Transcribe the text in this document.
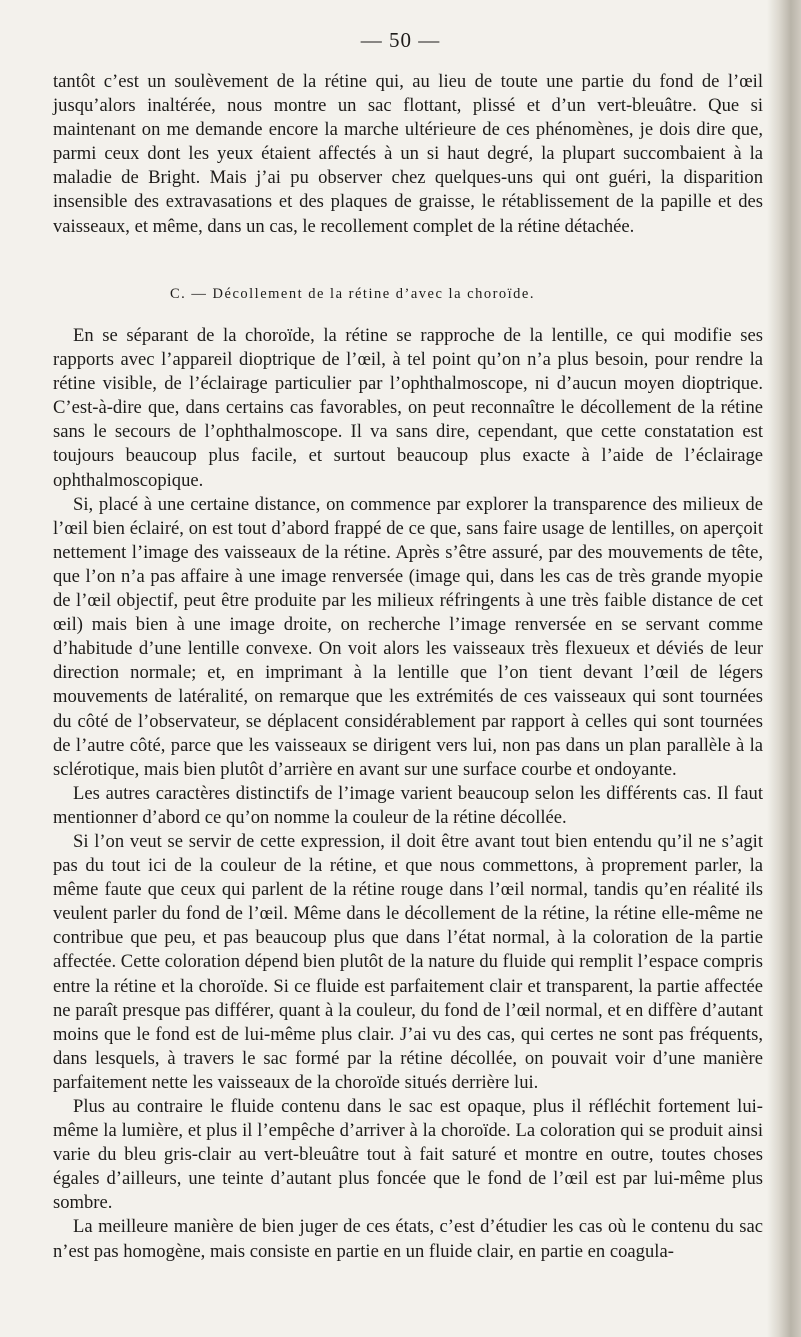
— 50 —

tantôt c’est un soulèvement de la rétine qui, au lieu de toute une partie du fond de l’œil jusqu’alors inaltérée, nous montre un sac flottant, plissé et d’un vert-bleuâtre. Que si maintenant on me demande encore la marche ultérieure de ces phénomènes, je dois dire que, parmi ceux dont les yeux étaient affectés à un si haut degré, la plupart succombaient à la maladie de Bright. Mais j’ai pu observer chez quelques-uns qui ont guéri, la disparition insensible des extravasations et des plaques de graisse, le rétablissement de la papille et des vaisseaux, et même, dans un cas, le recollement complet de la rétine détachée.

C. — Décollement de la rétine d’avec la choroïde.

En se séparant de la choroïde, la rétine se rapproche de la lentille, ce qui modifie ses rapports avec l’appareil dioptrique de l’œil, à tel point qu’on n’a plus besoin, pour rendre la rétine visible, de l’éclairage particulier par l’ophthalmoscope, ni d’aucun moyen dioptrique. C’est-à-dire que, dans certains cas favorables, on peut reconnaître le décollement de la rétine sans le secours de l’ophthalmoscope. Il va sans dire, cependant, que cette constatation est toujours beaucoup plus facile, et surtout beaucoup plus exacte à l’aide de l’éclairage ophthalmoscopique.

Si, placé à une certaine distance, on commence par explorer la transparence des milieux de l’œil bien éclairé, on est tout d’abord frappé de ce que, sans faire usage de lentilles, on aperçoit nettement l’image des vaisseaux de la rétine. Après s’être assuré, par des mouvements de tête, que l’on n’a pas affaire à une image renversée (image qui, dans les cas de très grande myopie de l’œil objectif, peut être produite par les milieux réfringents à une très faible distance de cet œil) mais bien à une image droite, on recherche l’image renversée en se servant comme d’habitude d’une lentille convexe. On voit alors les vaisseaux très flexueux et déviés de leur direction normale; et, en imprimant à la lentille que l’on tient devant l’œil de légers mouvements de latéralité, on remarque que les extrémités de ces vaisseaux qui sont tournées du côté de l’observateur, se déplacent considérablement par rapport à celles qui sont tournées de l’autre côté, parce que les vaisseaux se dirigent vers lui, non pas dans un plan parallèle à la sclérotique, mais bien plutôt d’arrière en avant sur une surface courbe et ondoyante.

Les autres caractères distinctifs de l’image varient beaucoup selon les différents cas. Il faut mentionner d’abord ce qu’on nomme la couleur de la rétine décollée.

Si l’on veut se servir de cette expression, il doit être avant tout bien entendu qu’il ne s’agit pas du tout ici de la couleur de la rétine, et que nous commettons, à proprement parler, la même faute que ceux qui parlent de la rétine rouge dans l’œil normal, tandis qu’en réalité ils veulent parler du fond de l’œil. Même dans le décollement de la rétine, la rétine elle-même ne contribue que peu, et pas beaucoup plus que dans l’état normal, à la coloration de la partie affectée. Cette coloration dépend bien plutôt de la nature du fluide qui remplit l’espace compris entre la rétine et la choroïde. Si ce fluide est parfaitement clair et transparent, la partie affectée ne paraît presque pas différer, quant à la couleur, du fond de l’œil normal, et en diffère d’autant moins que le fond est de lui-même plus clair. J’ai vu des cas, qui certes ne sont pas fréquents, dans lesquels, à travers le sac formé par la rétine décollée, on pouvait voir d’une manière parfaitement nette les vaisseaux de la choroïde situés derrière lui.

Plus au contraire le fluide contenu dans le sac est opaque, plus il réfléchit fortement lui-même la lumière, et plus il l’empêche d’arriver à la choroïde. La coloration qui se produit ainsi varie du bleu gris-clair au vert-bleuâtre tout à fait saturé et montre en outre, toutes choses égales d’ailleurs, une teinte d’autant plus foncée que le fond de l’œil est par lui-même plus sombre.

La meilleure manière de bien juger de ces états, c’est d’étudier les cas où le contenu du sac n’est pas homogène, mais consiste en partie en un fluide clair, en partie en coagula-
